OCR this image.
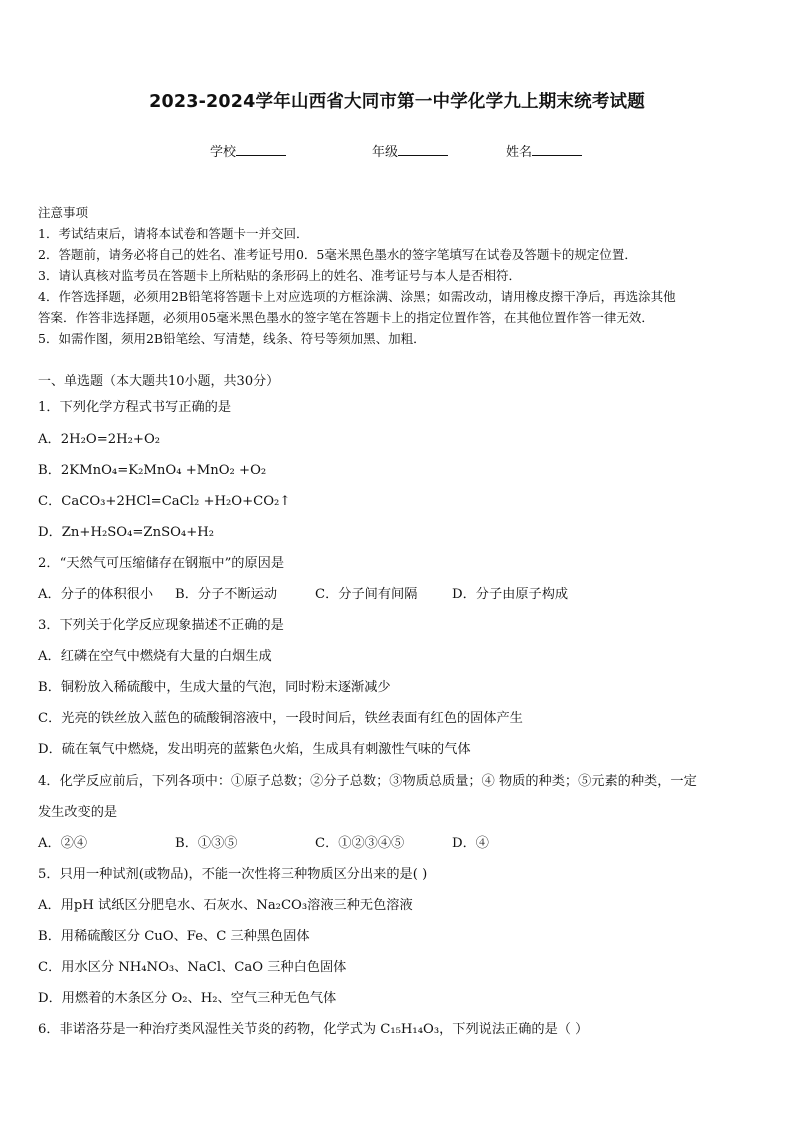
2023-2024学年山西省大同市第一中学化学九上期末统考试题
学校	年级	姓名
注意事项
1．考试结束后，请将本试卷和答题卡一并交回．
2．答题前，请务必将自己的姓名、准考证号用0．5毫米黑色墨水的签字笔填写在试卷及答题卡的规定位置．
3．请认真核对监考员在答题卡上所粘贴的条形码上的姓名、准考证号与本人是否相符．
4．作答选择题，必须用2B铅笔将答题卡上对应选项的方框涂满、涂黑；如需改动，请用橡皮擦干净后，再选涂其他
答案．作答非选择题，必须用05毫米黑色墨水的签字笔在答题卡上的指定位置作答，在其他位置作答一律无效．
5．如需作图，须用2B铅笔绘、写清楚，线条、符号等须加黑、加粗．
一、单选题（本大题共10小题，共30分）
1．下列化学方程式书写正确的是
A．2H₂O=2H₂+O₂
B．2KMnO₄=K₂MnO₄ +MnO₂ +O₂
C．CaCO₃+2HCl=CaCl₂ +H₂O+CO₂↑
D．Zn+H₂SO₄=ZnSO₄+H₂
2．“天然气可压缩储存在钢瓶中”的原因是
A．分子的体积很小 B．分子不断运动	C．分子间有间隔	D．分子由原子构成
3．下列关于化学反应现象描述不正确的是
A．红磷在空气中燃烧有大量的白烟生成
B．铜粉放入稀硫酸中，生成大量的气泡，同时粉末逐渐减少
C．光亮的铁丝放入蓝色的硫酸铜溶液中，一段时间后，铁丝表面有红色的固体产生
D．硫在氧气中燃烧，发出明亮的蓝紫色火焰，生成具有刺激性气味的气体
4．化学反应前后，下列各项中：①原子总数；②分子总数；③物质总质量；④ 物质的种类；⑤元素的种类，一定
发生改变的是
A．②④	B．①③⑤	C．①②③④⑤	D．④
5．只用一种试剂(或物品)，不能一次性将三种物质区分出来的是( )
A．用pH 试纸区分肥皂水、石灰水、Na₂CO₃溶液三种无色溶液
B．用稀硫酸区分 CuO、Fe、C 三种黑色固体
C．用水区分 NH₄NO₃、NaCl、CaO 三种白色固体
D．用燃着的木条区分 O₂、H₂、空气三种无色气体
6．非诺洛芬是一种治疗类风湿性关节炎的药物，化学式为 C₁₅H₁₄O₃，下列说法正确的是（ ）
